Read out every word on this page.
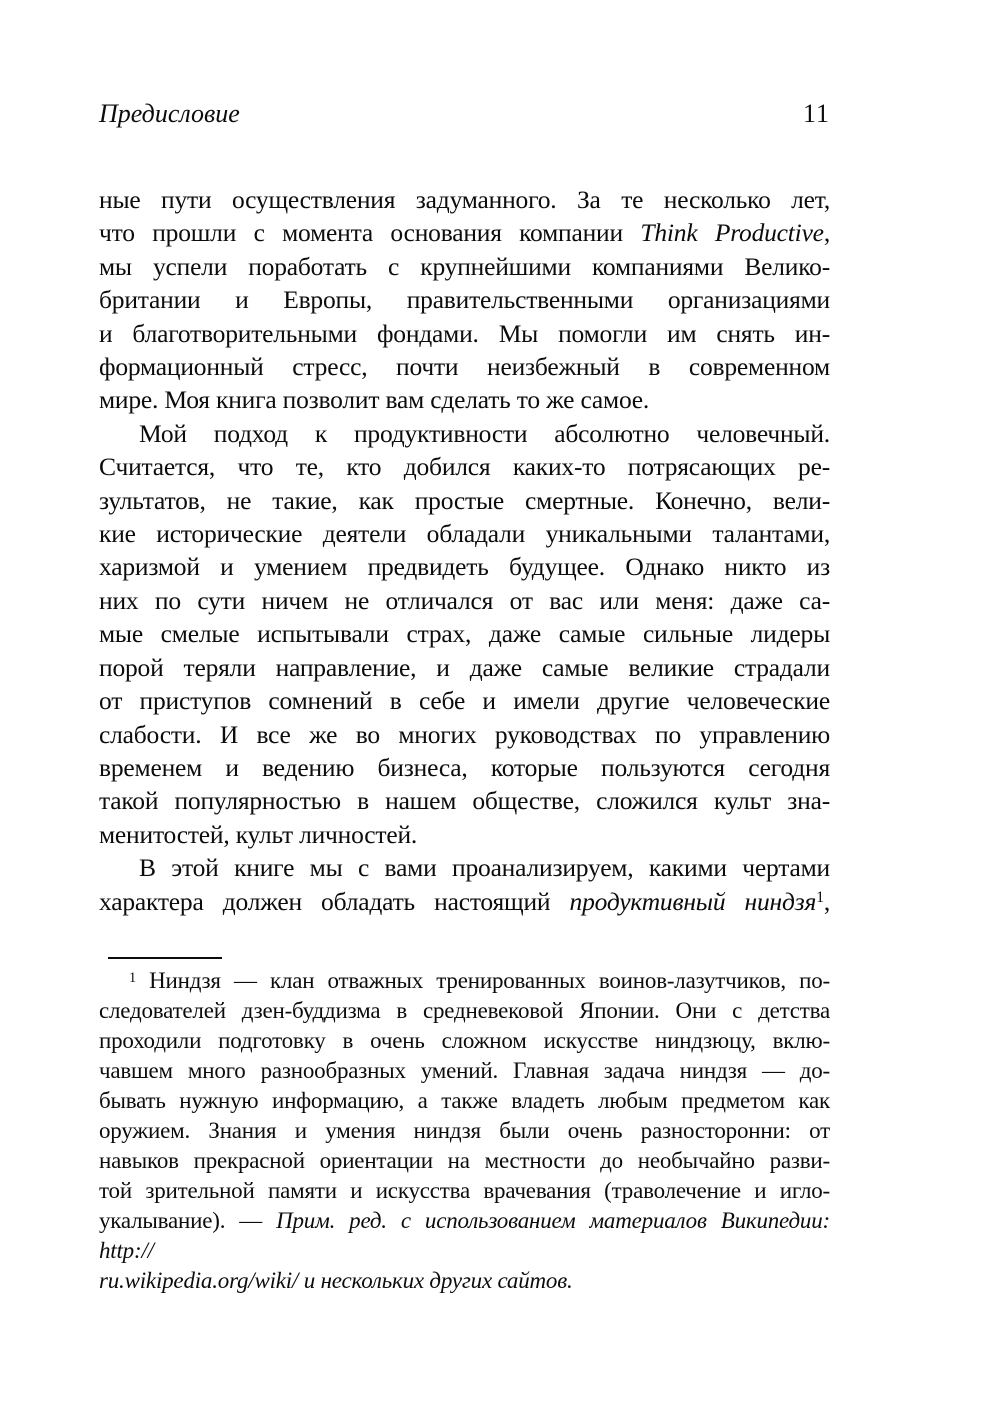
Предисловие	11
ные пути осуществления задуманного. За те несколько лет,
что прошли с момента основания компании Think Productive,
мы успели поработать с крупнейшими компаниями Велико-
британии и Европы, правительственными организациями
и благотворительными фондами. Мы помогли им снять ин-
формационный стресс, почти неизбежный в современном
мире. Моя книга позволит вам сделать то же самое.
Мой подход к продуктивности абсолютно человечный.
Считается, что те, кто добился каких-то потрясающих ре-
зультатов, не такие, как простые смертные. Конечно, вели-
кие исторические деятели обладали уникальными талантами,
харизмой и умением предвидеть будущее. Однако никто из
них по сути ничем не отличался от вас или меня: даже са-
мые смелые испытывали страх, даже самые сильные лидеры
порой теряли направление, и даже самые великие страдали
от приступов сомнений в себе и имели другие человеческие
слабости. И все же во многих руководствах по управлению
временем и ведению бизнеса, которые пользуются сегодня
такой популярностью в нашем обществе, сложился культ зна-
менитостей, культ личностей.
В этой книге мы с вами проанализируем, какими чертами
характера должен обладать настоящий продуктивный ниндзя$^1$,
$^1$ Ниндзя — клан отважных тренированных воинов-лазутчиков, по-
следователей дзен-буддизма в средневековой Японии. Они с детства
проходили подготовку в очень сложном искусстве ниндзюцу, вклю-
чавшем много разнообразных умений. Главная задача ниндзя — до-
бывать нужную информацию, а также владеть любым предметом как
оружием. Знания и умения ниндзя были очень разносторонни: от
навыков прекрасной ориентации на местности до необычайно разви-
той зрительной памяти и искусства врачевания (траволечение и игло-
укалывание). — Прим. ред. с использованием материалов Википедии: http://
ru.wikipedia.org/wiki/ и нескольких других сайтов.
